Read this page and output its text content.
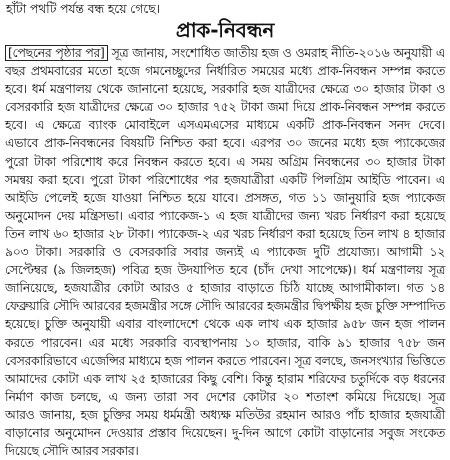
হাঁটা পথটি পর্যন্ত বন্ধ হয়ে গেছে।
প্রাক-নিবন্ধন
[পেছনের পৃষ্ঠার পর] সূত্র জানায়, সংশোধিত জাতীয় হজ ও ওমরাহ নীতি-২০১৬ অনুযায়ী এ
বছর প্রথমবারের মতো হজে গমনেচ্ছুদের নির্ধারিত সময়ের মধ্যে প্রাক-নিবন্ধন সম্পন্ন করতে
হবে। ধর্ম মন্ত্রণালয় থেকে জানানো হয়েছে, সরকারি হজ যাত্রীদের ক্ষেত্রে ৩০ হাজার টাকা ও
বেসরকারি হজ যাত্রীদের ক্ষেত্রে ৩০ হাজার ৭৫২ টাকা জমা দিয়ে প্রাক-নিবন্ধন সম্পন্ন করতে
হবে। এ ক্ষেত্রে ব্যাংক মোবাইলে এসএমএসের মাধ্যমে একটি প্রাক-নিবন্ধন সনদ দেবে।
এভাবে প্রাক-নিবন্ধনের বিষয়টি নিশ্চিত করা হবে। এরপর ৩০ জনের মধ্যে হজ প্যাকেজের
পুরো টাকা পরিশোধ করে নিবন্ধন করতে হবে। এ সময় অগ্রিম নিবন্ধনের ৩০ হাজার টাকা
সমন্বয় করা হবে। পুরো টাকা পরিশোধের পর হজযাত্রীরা একটি পিলগ্রিম আইডি পাবেন। এ
আইডি পেলেই হজে যাওয়া নিশ্চিত হয়ে যাবে। প্রসঙ্গত, গত ১১ জানুয়ারি হজ প্যাকেজ
অনুমোদন দেয় মন্ত্রিসভা। এবার প্যাকেজ-১ এ হজ যাত্রীদের জন্য খরচ নির্ধারণ করা হয়েছে
তিন লাখ ৬০ হাজার ২৮ টাকা। প্যাকেজ-২ এর খরচ নির্ধারণ করা হয়েছে তিন লাখ ৪ হাজার
৯০৩ টাকা। সরকারি ও বেসরকারি সবার জন্যই এ প্যাকেজ দুটি প্রযোজ্য। আগামী ১২
সেপ্টেম্বর (৯ জিলহজ) পবিত্র হজ উদযাপিত হবে (চাঁদ দেখা সাপেক্ষে)। ধর্ম মন্ত্রণালয় সূত্র
জানিয়েছে, হজযাত্রীর কোটা আরও ৫ হাজার বাড়াতে চিঠি যাচ্ছে আগামীকাল। গত ১৪
ফেব্রুয়ারি সৌদি আরবের হজমন্ত্রীর সঙ্গে সৌদি আরবের হজমন্ত্রীর দ্বিপক্ষীয় হজ চুক্তি সম্পাদিত
হয়েছে। চুক্তি অনুযায়ী এবার বাংলাদেশে থেকে এক লাখ এক হাজার ৯৫৮ জন হজ পালন
করতে পারবেন। এর মধ্যে সরকারি ব্যবস্থাপনায় ১০ হাজার, বাকি ৯১ হাজার ৭৫৮ জন
বেসরকারিভাবে এজেন্সির মাধ্যমে হজ পালন করতে পারবেন। সূত্র বলছে, জনসংখ্যার ভিত্তিতে
আমাদের কোটা এক লাখ ২৫ হাজারের কিছু বেশি। কিন্তু হারাম শরিফের চতুর্দিকে বড় ধরনের
নির্মাণ কাজ চলছে, এ জন্য তারা সব দেশের কোটার ২০ শতাংশ কমিয়ে দিয়েছে। সূত্র
আরও জানায়, হজ চুক্তির সময় ধর্মমন্ত্রী অধ্যক্ষ মতিউর রহমান আরও পাঁচ হাজার হজযাত্রী
বাড়ানোর অনুমোদন দেওয়ার প্রস্তাব দিয়েছেন। দু-দিন আগে কোটা বাড়ানোর সবুজ সংকেত
দিয়েছে সৌদি আরব সরকার।
